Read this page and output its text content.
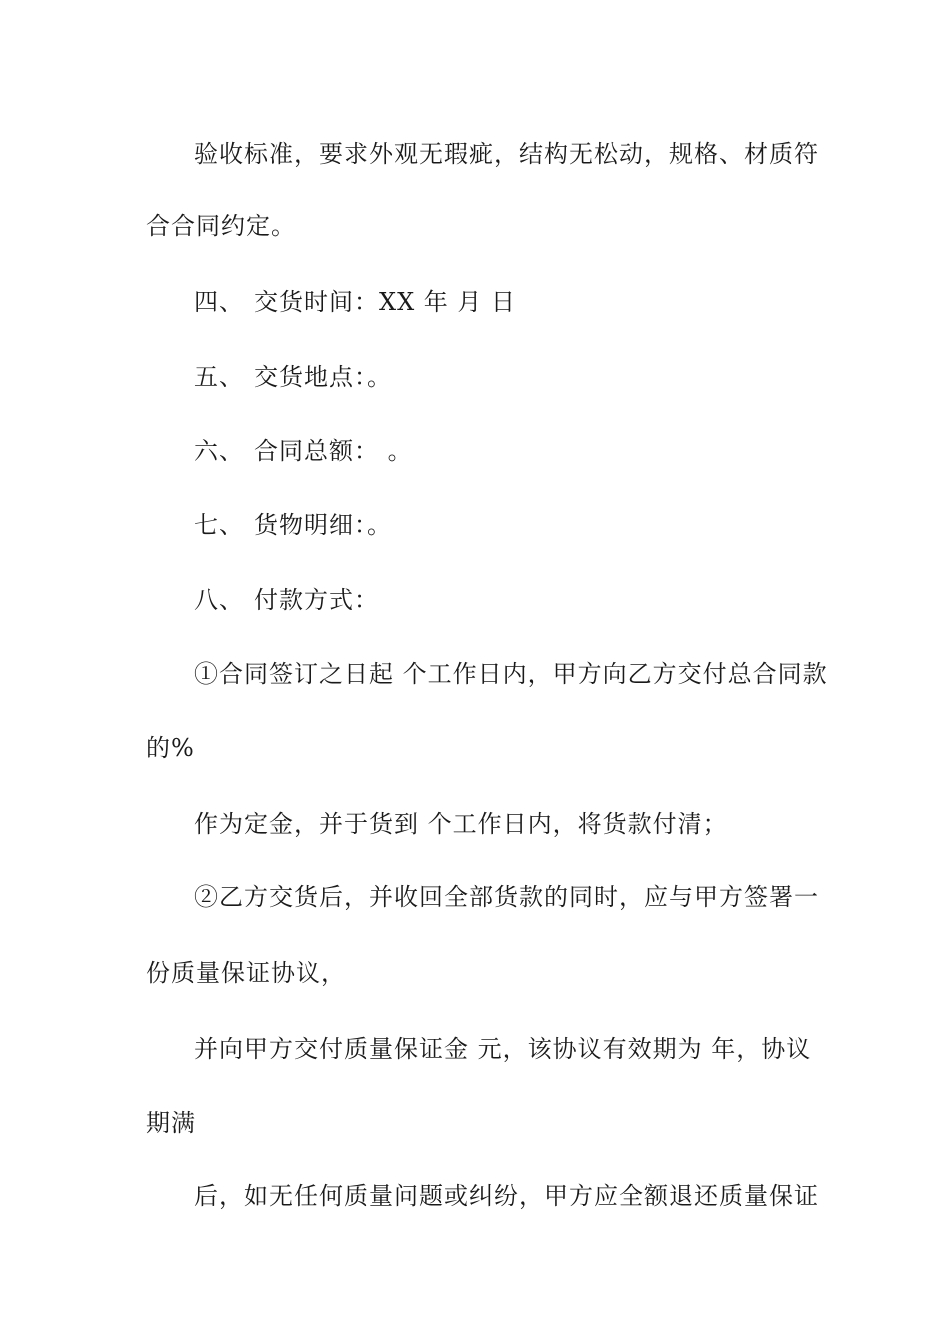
验收标准，要求外观无瑕疵，结构无松动，规格、材质符

合合同约定。

四、 交货时间：XX 年 月 日

五、 交货地点：。

六、 合同总额： 。

七、 货物明细：。

八、 付款方式：

①合同签订之日起 个工作日内，甲方向乙方交付总合同款

的%

作为定金，并于货到 个工作日内，将货款付清；

②乙方交货后，并收回全部货款的同时，应与甲方签署一

份质量保证协议，

并向甲方交付质量保证金 元，该协议有效期为 年，协议

期满

后，如无任何质量问题或纠纷，甲方应全额退还质量保证
